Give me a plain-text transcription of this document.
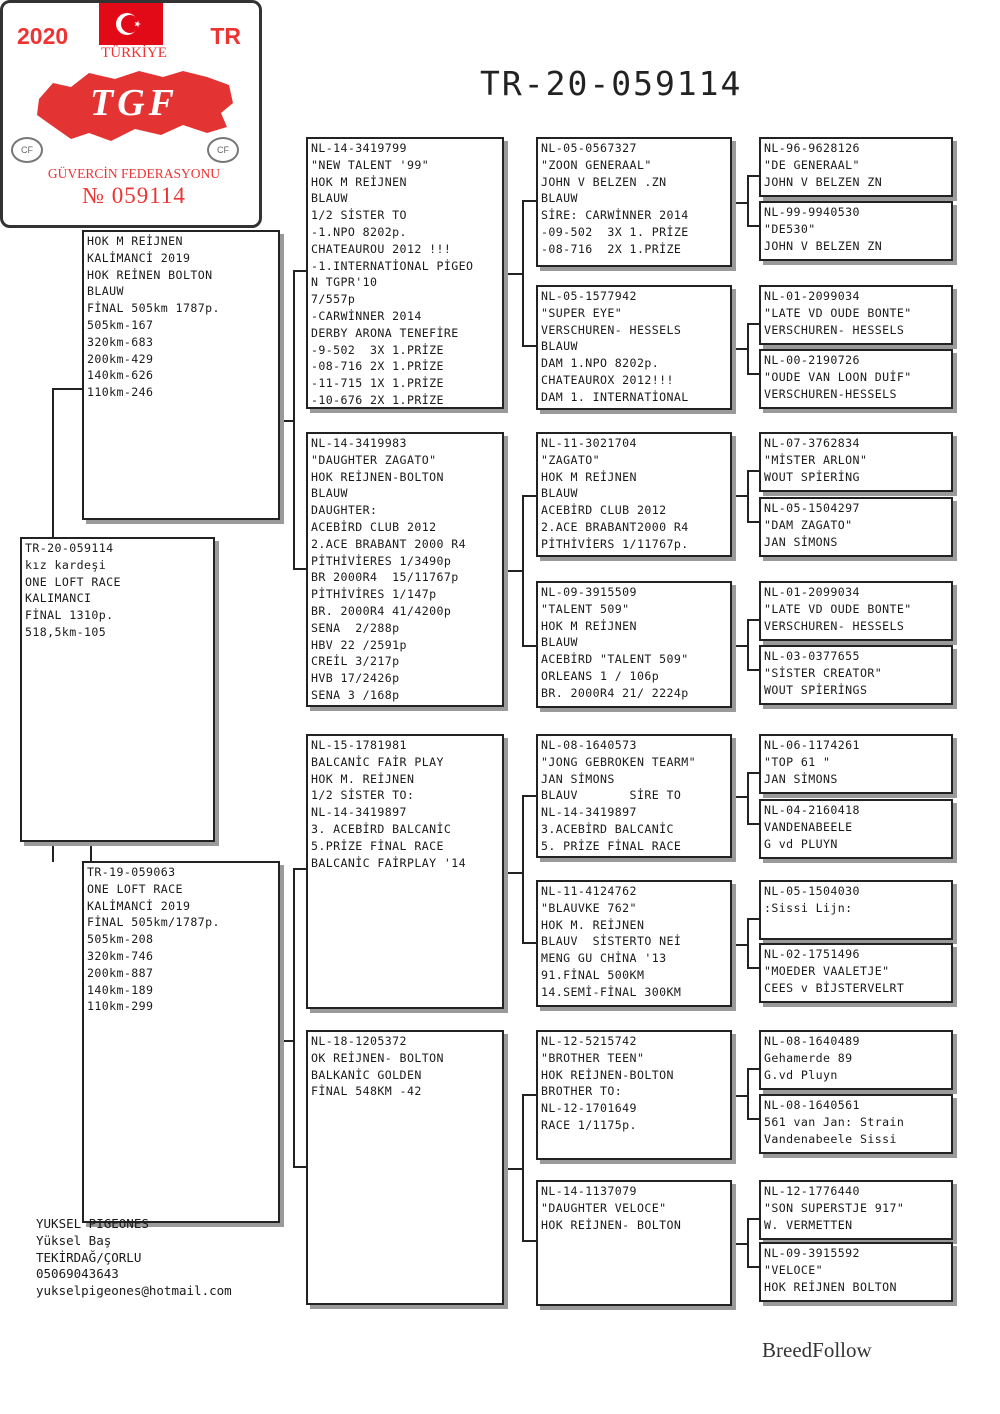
TR-20-059114
HOK M REİJNEN
KALİMANCİ 2019
HOK REİNEN BOLTON
BLAUW
FİNAL 505km 1787p.
505km-167
320km-683
200km-429
140km-626
110km-246
TR-19-059063
ONE LOFT RACE
KALİMANCİ 2019
FİNAL 505km/1787p.
505km-208
320km-746
200km-887
140km-189
110km-299
TR-20-059114
kız kardeşi
ONE LOFT RACE
KALIMANCI
FİNAL 1310p.
518,5km-105
NL-14-3419799
"NEW TALENT '99"
HOK M REİJNEN
BLAUW
1/2 SİSTER TO
-1.NPO 8202p.
CHATEAUROU 2012 !!!
-1.INTERNATİONAL PİGEO
N TGPR'10
7/557p
-CARWİNNER 2014
DERBY ARONA TENEFİRE
-9-502  3X 1.PRİZE
-08-716 2X 1.PRİZE
-11-715 1X 1.PRİZE
-10-676 2X 1.PRİZE
NL-14-3419983
"DAUGHTER ZAGATO"
HOK REİJNEN-BOLTON
BLAUW
DAUGHTER:
ACEBİRD CLUB 2012
2.ACE BRABANT 2000 R4
PİTHİVİERES 1/3490p
BR 2000R4  15/11767p
PİTHİVİRES 1/147p
BR. 2000R4 41/4200p
SENA  2/288p
HBV 22 /2591p
CREİL 3/217p
HVB 17/2426p
SENA 3 /168p
NL-15-1781981
BALCANİC FAİR PLAY
HOK M. REİJNEN
1/2 SİSTER TO:
NL-14-3419897
3. ACEBİRD BALCANİC
5.PRİZE FİNAL RACE
BALCANİC FAİRPLAY '14
NL-18-1205372
OK REİJNEN- BOLTON
BALKANİC GOLDEN
FİNAL 548KM -42
NL-05-0567327
"ZOON GENERAAL"
JOHN V BELZEN .ZN
BLAUW
SİRE: CARWİNNER 2014
-09-502  3X 1. PRİZE
-08-716  2X 1.PRİZE
NL-05-1577942
"SUPER EYE"
VERSCHUREN- HESSELS
BLAUW
DAM 1.NPO 8202p.
CHATEAUROX 2012!!!
DAM 1. INTERNATİONAL
NL-11-3021704
"ZAGATO"
HOK M REİJNEN
BLAUW
ACEBİRD CLUB 2012
2.ACE BRABANT2000 R4
PİTHİVİERS 1/11767p.
NL-09-3915509
"TALENT 509"
HOK M REİJNEN
BLAUW
ACEBİRD "TALENT 509"
ORLEANS 1 / 106p
BR. 2000R4 21/ 2224p
NL-08-1640573
"JONG GEBROKEN TEARM"
JAN SİMONS
BLAUV       SİRE TO
NL-14-3419897
3.ACEBİRD BALCANİC
5. PRİZE FİNAL RACE
NL-11-4124762
"BLAUVKE 762"
HOK M. REİJNEN
BLAUV  SİSTERTO NEİ
MENG GU CHİNA '13
91.FİNAL 500KM
14.SEMİ-FİNAL 300KM
NL-12-5215742
"BROTHER TEEN"
HOK REİJNEN-BOLTON
BROTHER TO:
NL-12-1701649
RACE 1/1175p.
NL-14-1137079
"DAUGHTER VELOCE"
HOK REİJNEN- BOLTON
NL-96-9628126
"DE GENERAAL"
JOHN V BELZEN ZN
NL-99-9940530
"DE530"
JOHN V BELZEN ZN
NL-01-2099034
"LATE VD OUDE BONTE"
VERSCHUREN- HESSELS
NL-00-2190726
"OUDE VAN LOON DUİF"
VERSCHUREN-HESSELS
NL-07-3762834
"MİSTER ARLON"
WOUT SPİERİNG
NL-05-1504297
"DAM ZAGATO"
JAN SİMONS
NL-01-2099034
"LATE VD OUDE BONTE"
VERSCHUREN- HESSELS
NL-03-0377655
"SİSTER CREATOR"
WOUT SPİERİNGS
NL-06-1174261
"TOP 61 "
JAN SİMONS
NL-04-2160418
VANDENABEELE
G vd PLUYN
NL-05-1504030
:Sissi Lijn:
NL-02-1751496
"MOEDER VAALETJE"
CEES v BİJSTERVELRT
NL-08-1640489
Gehamerde 89
G.vd Pluyn
NL-08-1640561
561 van Jan: Strain
Vandenabeele Sissi
NL-12-1776440
"SON SUPERSTJE 917"
W. VERMETTEN
NL-09-3915592
"VELOCE"
HOK REİJNEN BOLTON
2020	TR
TÜRKİYE
TGF
CF	CF
GÜVERCİN FEDERASYONU
№ 059114
YUKSEL PIGEONES
Yüksel Baş
TEKİRDAĞ/ÇORLU
05069043643
yukselpigeones@hotmail.com
BreedFollow
